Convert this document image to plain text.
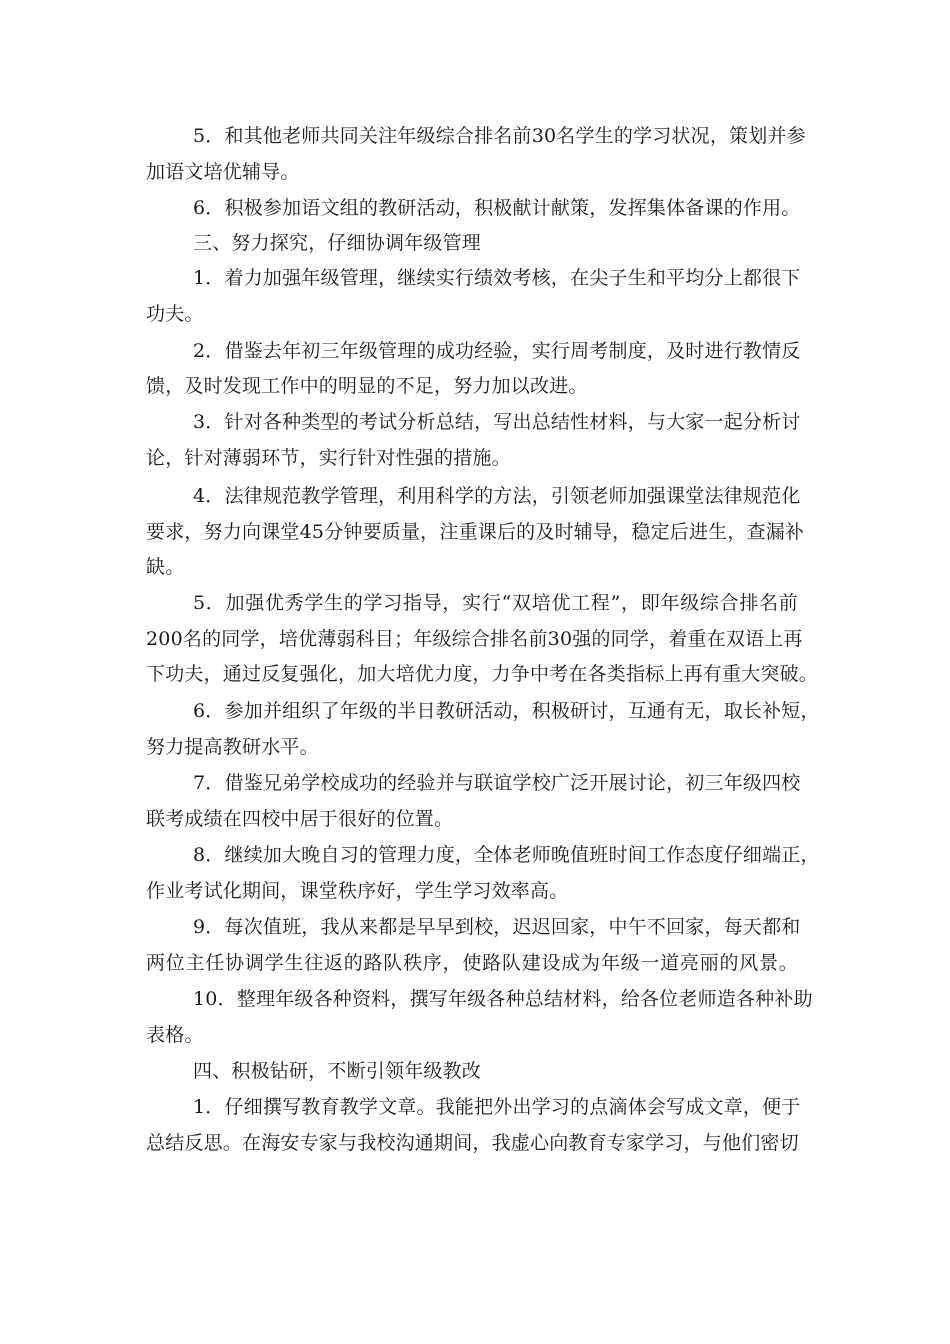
5．和其他老师共同关注年级综合排名前30名学生的学习状况，策划并参
加语文培优辅导。
6．积极参加语文组的教研活动，积极献计献策，发挥集体备课的作用。
三、努力探究，仔细协调年级管理
1．着力加强年级管理，继续实行绩效考核，在尖子生和平均分上都很下
功夫。
2．借鉴去年初三年级管理的成功经验，实行周考制度，及时进行教情反
馈，及时发现工作中的明显的不足，努力加以改进。
3．针对各种类型的考试分析总结，写出总结性材料，与大家一起分析讨
论，针对薄弱环节，实行针对性强的措施。
4．法律规范教学管理，利用科学的方法，引领老师加强课堂法律规范化
要求，努力向课堂45分钟要质量，注重课后的及时辅导，稳定后进生，查漏补
缺。
5．加强优秀学生的学习指导，实行“双培优工程”，即年级综合排名前
200名的同学，培优薄弱科目；年级综合排名前30强的同学，着重在双语上再
下功夫，通过反复强化，加大培优力度，力争中考在各类指标上再有重大突破。
6．参加并组织了年级的半日教研活动，积极研讨，互通有无，取长补短，
努力提高教研水平。
7．借鉴兄弟学校成功的经验并与联谊学校广泛开展讨论，初三年级四校
联考成绩在四校中居于很好的位置。
8．继续加大晚自习的管理力度，全体老师晚值班时间工作态度仔细端正，
作业考试化期间，课堂秩序好，学生学习效率高。
9．每次值班，我从来都是早早到校，迟迟回家，中午不回家，每天都和
两位主任协调学生往返的路队秩序，使路队建设成为年级一道亮丽的风景。
10．整理年级各种资料，撰写年级各种总结材料，给各位老师造各种补助
表格。
四、积极钻研，不断引领年级教改
1．仔细撰写教育教学文章。我能把外出学习的点滴体会写成文章，便于
总结反思。在海安专家与我校沟通期间，我虚心向教育专家学习，与他们密切
